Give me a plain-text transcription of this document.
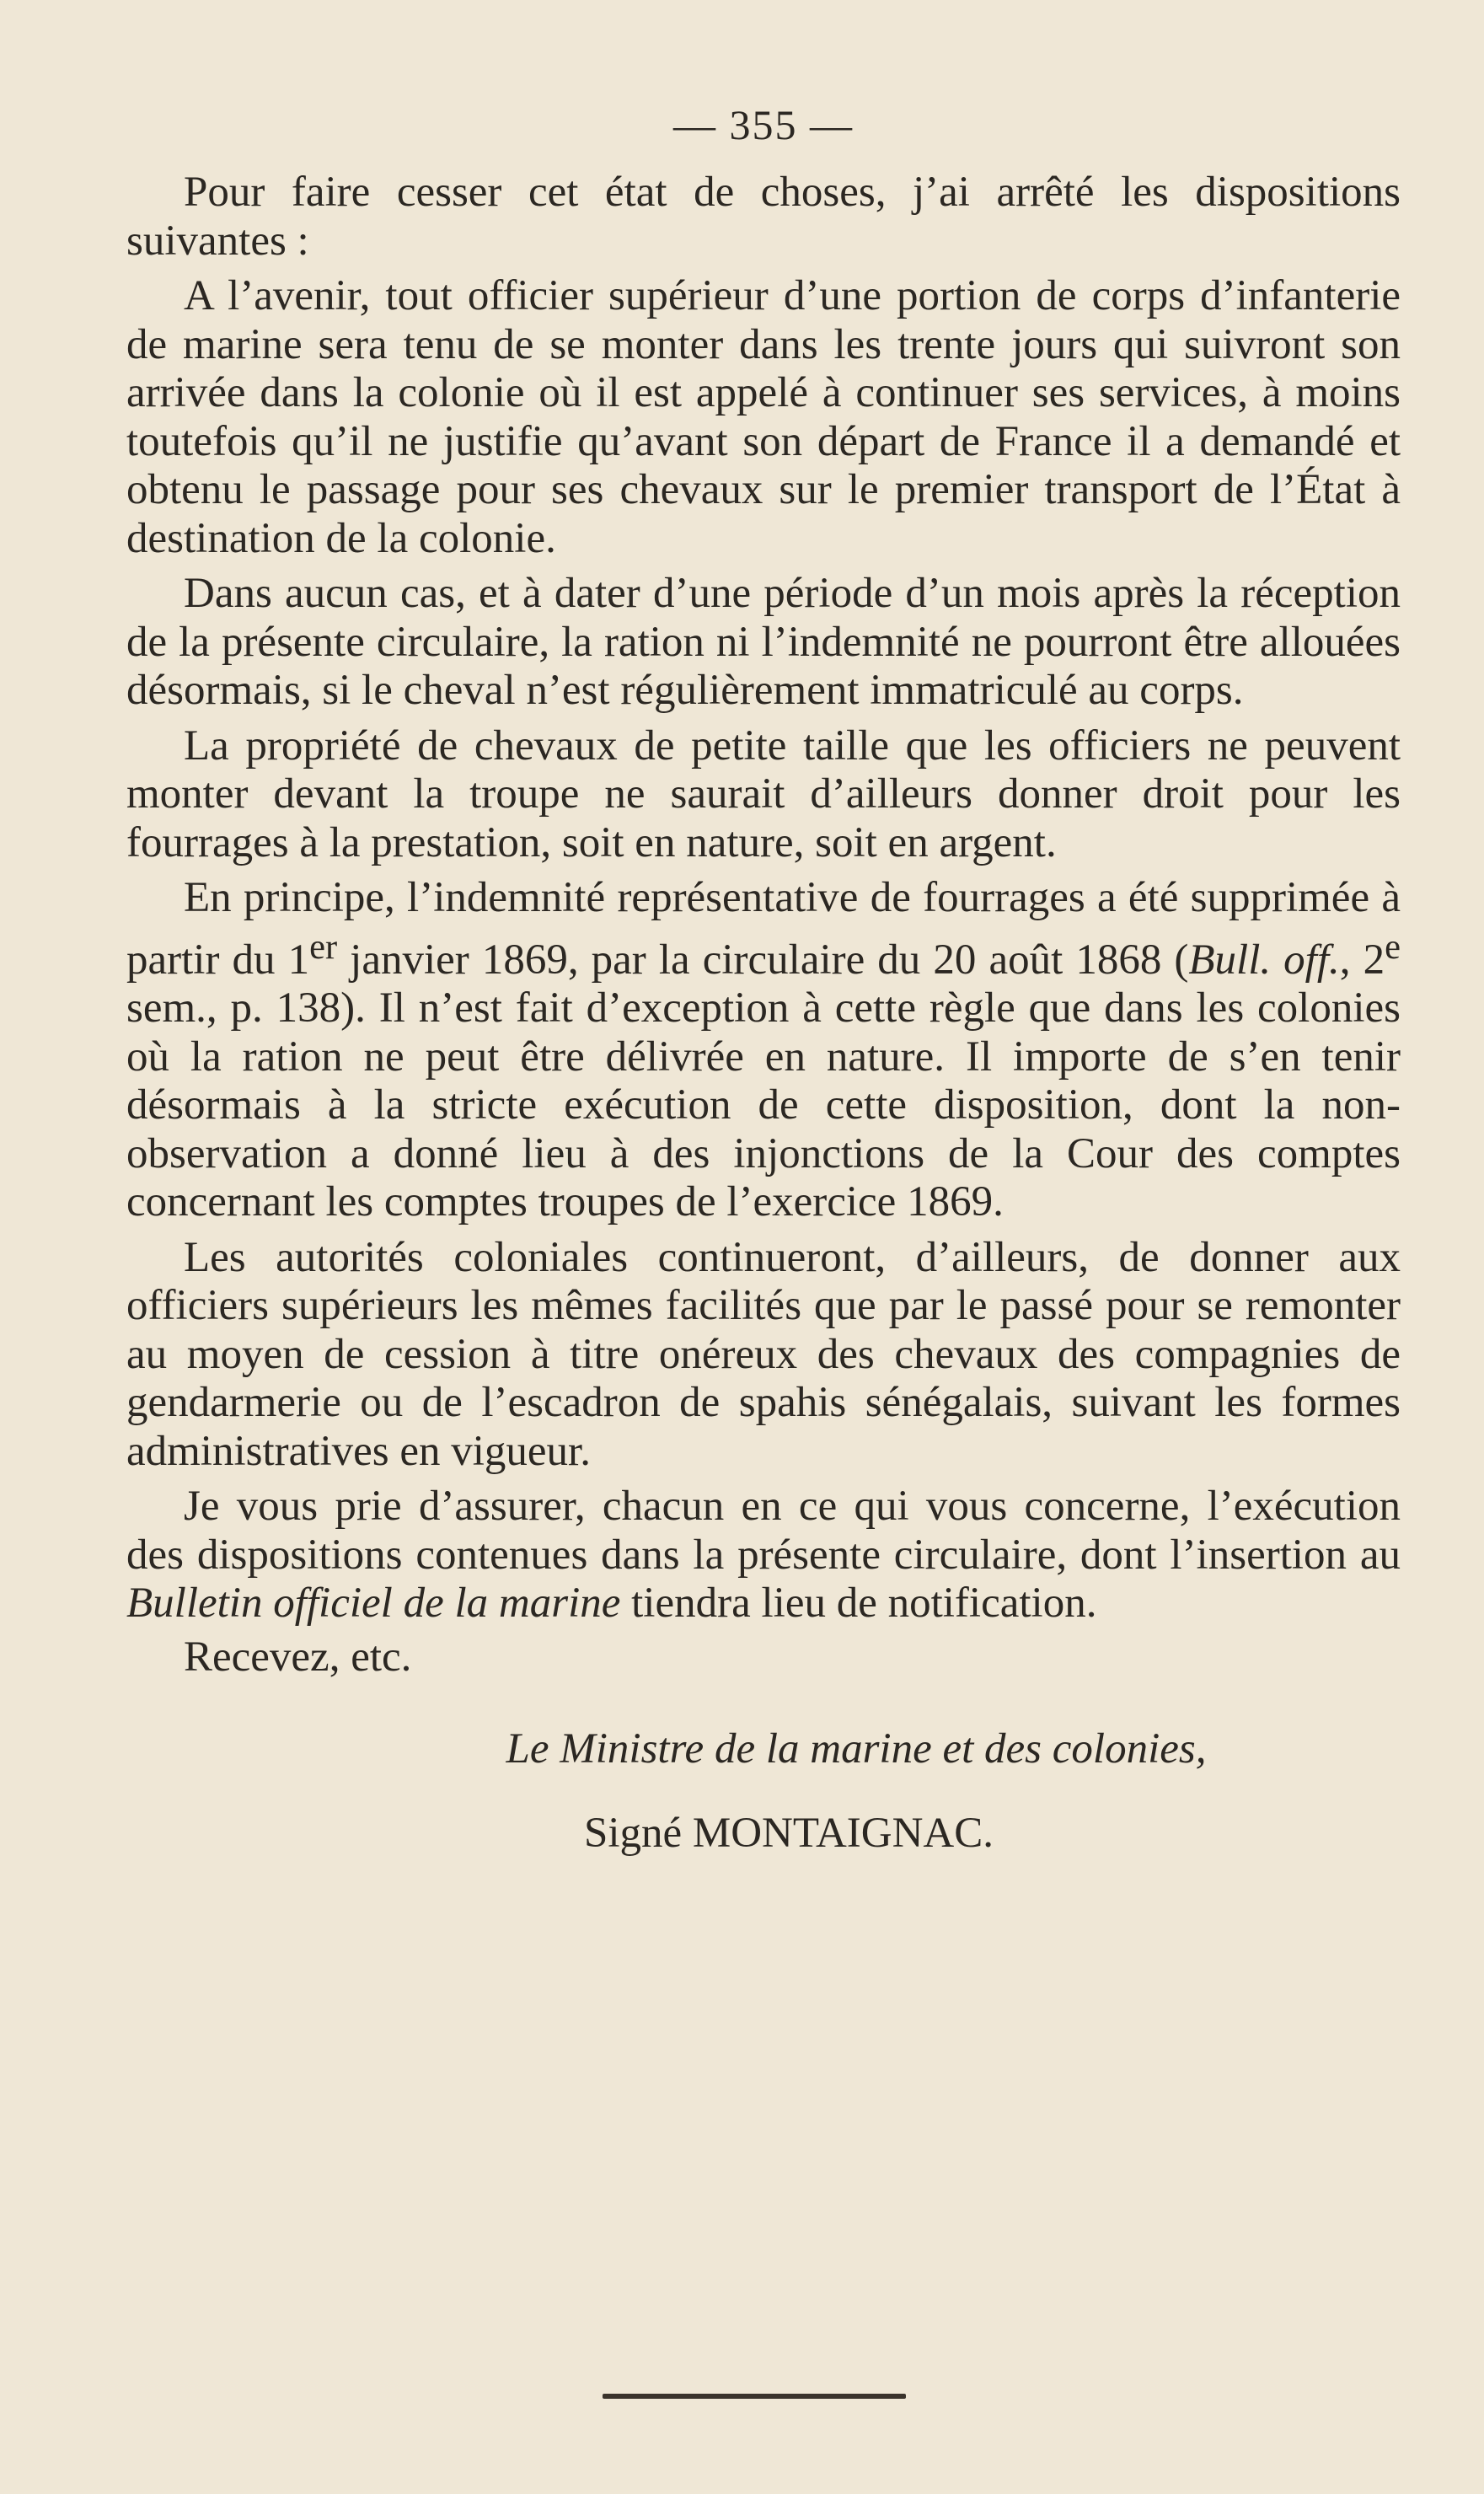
— 355 —

Pour faire cesser cet état de choses, j’ai arrêté les dispositions suivantes :

A l’avenir, tout officier supérieur d’une portion de corps d’infanterie de marine sera tenu de se monter dans les trente jours qui suivront son arrivée dans la colonie où il est appelé à continuer ses services, à moins toutefois qu’il ne justifie qu’avant son départ de France il a demandé et obtenu le passage pour ses chevaux sur le premier transport de l’État à destination de la colonie.

Dans aucun cas, et à dater d’une période d’un mois après la réception de la présente circulaire, la ration ni l’indemnité ne pourront être allouées désormais, si le cheval n’est régulièrement immatriculé au corps.

La propriété de chevaux de petite taille que les officiers ne peuvent monter devant la troupe ne saurait d’ailleurs donner droit pour les fourrages à la prestation, soit en nature, soit en argent.

En principe, l’indemnité représentative de fourrages a été supprimée à partir du 1er janvier 1869, par la circulaire du 20 août 1868 (Bull. off., 2e sem., p. 138). Il n’est fait d’exception à cette règle que dans les colonies où la ration ne peut être délivrée en nature. Il importe de s’en tenir désormais à la stricte exécution de cette disposition, dont la non-observation a donné lieu à des injonctions de la Cour des comptes concernant les comptes troupes de l’exercice 1869.

Les autorités coloniales continueront, d’ailleurs, de donner aux officiers supérieurs les mêmes facilités que par le passé pour se remonter au moyen de cession à titre onéreux des chevaux des compagnies de gendarmerie ou de l’escadron de spahis sénégalais, suivant les formes administratives en vigueur.

Je vous prie d’assurer, chacun en ce qui vous concerne, l’exécution des dispositions contenues dans la présente circulaire, dont l’insertion au Bulletin officiel de la marine tiendra lieu de notification.

Recevez, etc.

Le Ministre de la marine et des colonies,
Signé MONTAIGNAC.
